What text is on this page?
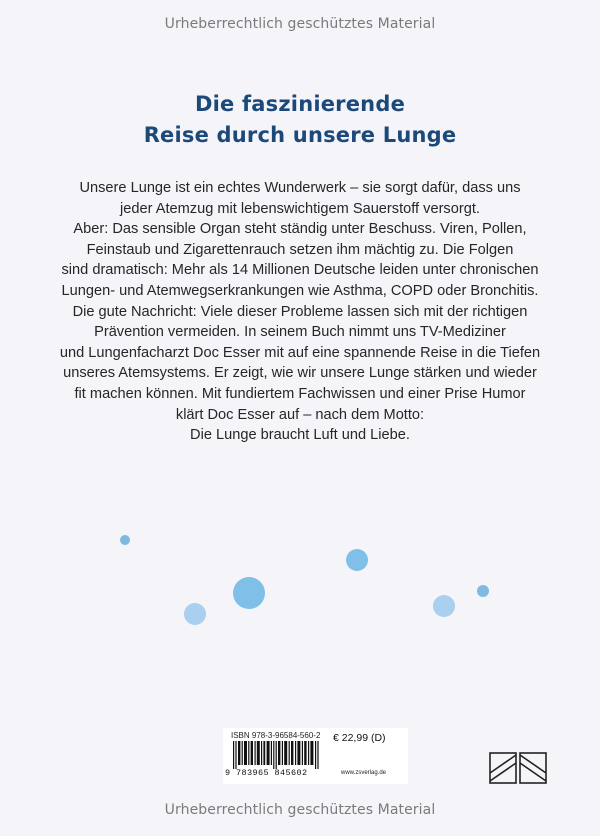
Urheberrechtlich geschütztes Material
Die faszinierende
Reise durch unsere Lunge
Unsere Lunge ist ein echtes Wunderwerk – sie sorgt dafür, dass uns
jeder Atemzug mit lebenswichtigem Sauerstoff versorgt.
Aber: Das sensible Organ steht ständig unter Beschuss. Viren, Pollen,
Feinstaub und Zigarettenrauch setzen ihm mächtig zu. Die Folgen
sind dramatisch: Mehr als 14 Millionen Deutsche leiden unter chronischen
Lungen- und Atemwegserkrankungen wie Asthma, COPD oder Bronchitis.
Die gute Nachricht: Viele dieser Probleme lassen sich mit der richtigen
Prävention vermeiden. In seinem Buch nimmt uns TV-Mediziner
und Lungenfacharzt Doc Esser mit auf eine spannende Reise in die Tiefen
unseres Atemsystems. Er zeigt, wie wir unsere Lunge stärken und wieder
fit machen können. Mit fundiertem Fachwissen und einer Prise Humor
klärt Doc Esser auf – nach dem Motto:
Die Lunge braucht Luft und Liebe.
ISBN 978-3-96584-560-2 € 22,99 (D)
9 783965 845602	www.zsverlag.de
Urheberrechtlich geschütztes Material
